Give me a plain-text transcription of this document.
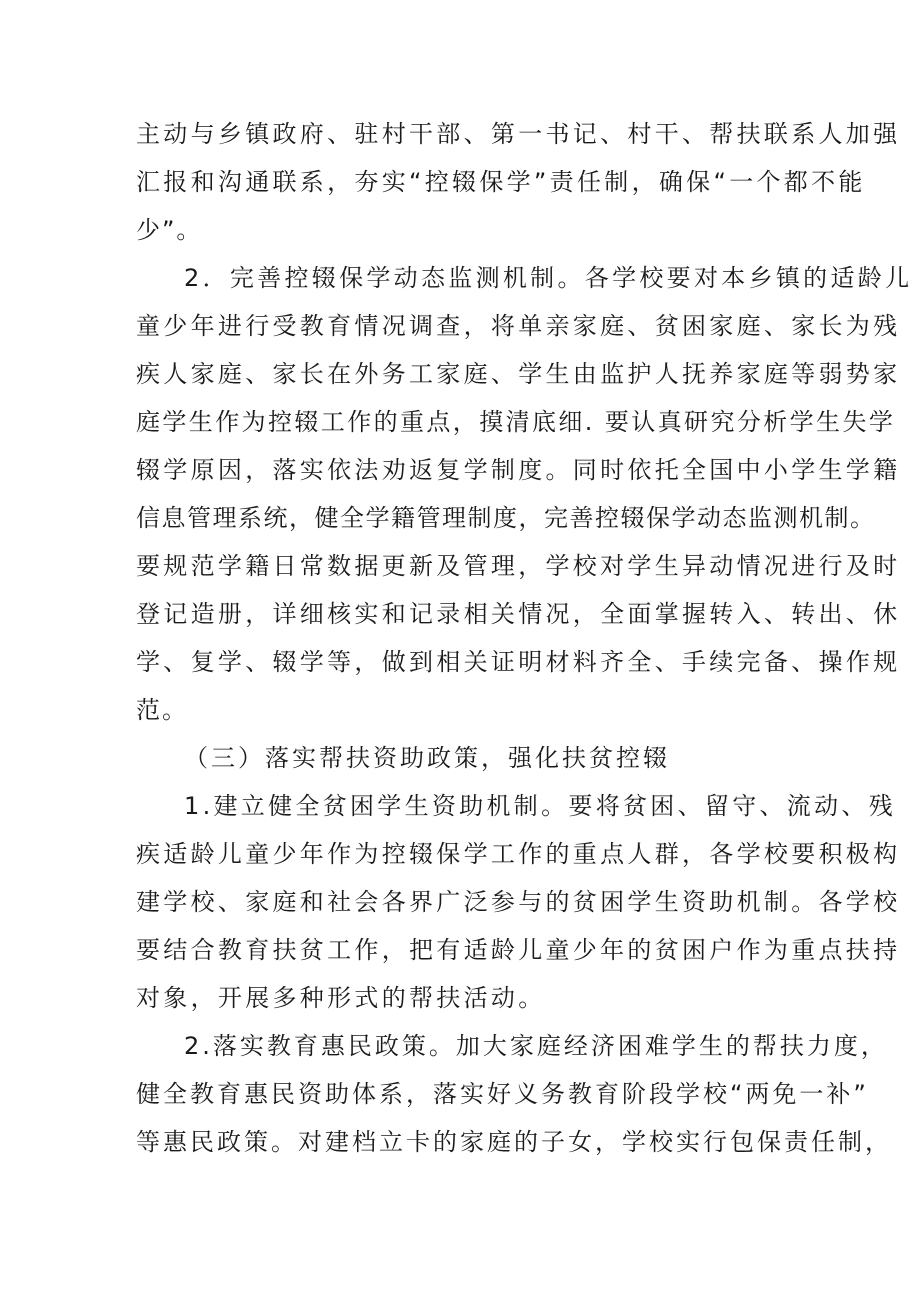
主动与乡镇政府、驻村干部、第一书记、村干、帮扶联系人加强
汇报和沟通联系，夯实“控辍保学”责任制，确保“一个都不能
少”。
2．完善控辍保学动态监测机制。各学校要对本乡镇的适龄儿
童少年进行受教育情况调查，将单亲家庭、贫困家庭、家长为残
疾人家庭、家长在外务工家庭、学生由监护人抚养家庭等弱势家
庭学生作为控辍工作的重点，摸清底细. 要认真研究分析学生失学
辍学原因，落实依法劝返复学制度。同时依托全国中小学生学籍
信息管理系统，健全学籍管理制度，完善控辍保学动态监测机制。
要规范学籍日常数据更新及管理，学校对学生异动情况进行及时
登记造册，详细核实和记录相关情况，全面掌握转入、转出、休
学、复学、辍学等，做到相关证明材料齐全、手续完备、操作规
范。
（三）落实帮扶资助政策，强化扶贫控辍
1.建立健全贫困学生资助机制。要将贫困、留守、流动、残
疾适龄儿童少年作为控辍保学工作的重点人群，各学校要积极构
建学校、家庭和社会各界广泛参与的贫困学生资助机制。各学校
要结合教育扶贫工作，把有适龄儿童少年的贫困户作为重点扶持
对象，开展多种形式的帮扶活动。
2.落实教育惠民政策。加大家庭经济困难学生的帮扶力度，
健全教育惠民资助体系，落实好义务教育阶段学校“两免一补”
等惠民政策。对建档立卡的家庭的子女，学校实行包保责任制，
